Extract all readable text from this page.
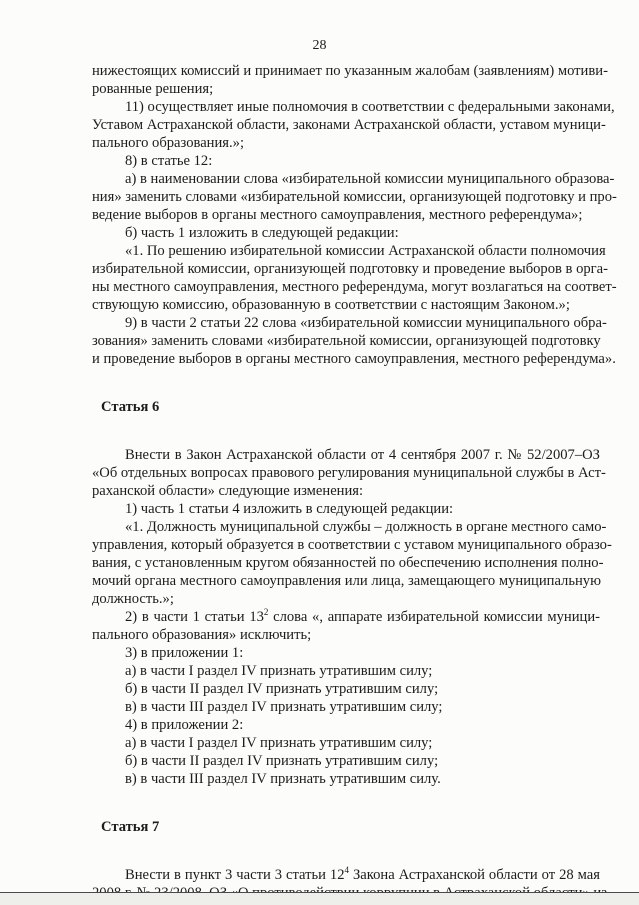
28
нижестоящих комиссий и принимает по указанным жалобам (заявлениям) мотиви-
рованные решения;
11) осуществляет иные полномочия в соответствии с федеральными законами,
Уставом Астраханской области, законами Астраханской области, уставом муници-
пального образования.»;
8) в статье 12:
а) в наименовании слова «избирательной комиссии муниципального образова-
ния» заменить словами «избирательной комиссии, организующей подготовку и про-
ведение выборов в органы местного самоуправления, местного референдума»;
б) часть 1 изложить в следующей редакции:
«1. По решению избирательной комиссии Астраханской области полномочия
избирательной комиссии, организующей подготовку и проведение выборов в орга-
ны местного самоуправления, местного референдума, могут возлагаться на соответ-
ствующую комиссию, образованную в соответствии с настоящим Законом.»;
9) в части 2 статьи 22 слова «избирательной комиссии муниципального обра-
зования» заменить словами «избирательной комиссии, организующей подготовку
и проведение выборов в органы местного самоуправления, местного референдума».
Статья 6
Внести в Закон Астраханской области от 4 сентября 2007 г. № 52/2007–ОЗ
«Об отдельных вопросах правового регулирования муниципальной службы в Аст-
раханской области» следующие изменения:
1) часть 1 статьи 4 изложить в следующей редакции:
«1. Должность муниципальной службы – должность в органе местного само-
управления, который образуется в соответствии с уставом муниципального образо-
вания, с установленным кругом обязанностей по обеспечению исполнения полно-
мочий органа местного самоуправления или лица, замещающего муниципальную
должность.»;
2) в части 1 статьи $13^2$ слова «, аппарате избирательной комиссии муници-
пального образования» исключить;
3) в приложении 1:
а) в части I раздел IV признать утратившим силу;
б) в части II раздел IV признать утратившим силу;
в) в части III раздел IV признать утратившим силу;
4) в приложении 2:
а) в части I раздел IV признать утратившим силу;
б) в части II раздел IV признать утратившим силу;
в) в части III раздел IV признать утратившим силу.
Статья 7
Внести в пункт 3 части 3 статьи $12^4$ Закона Астраханской области от 28 мая
